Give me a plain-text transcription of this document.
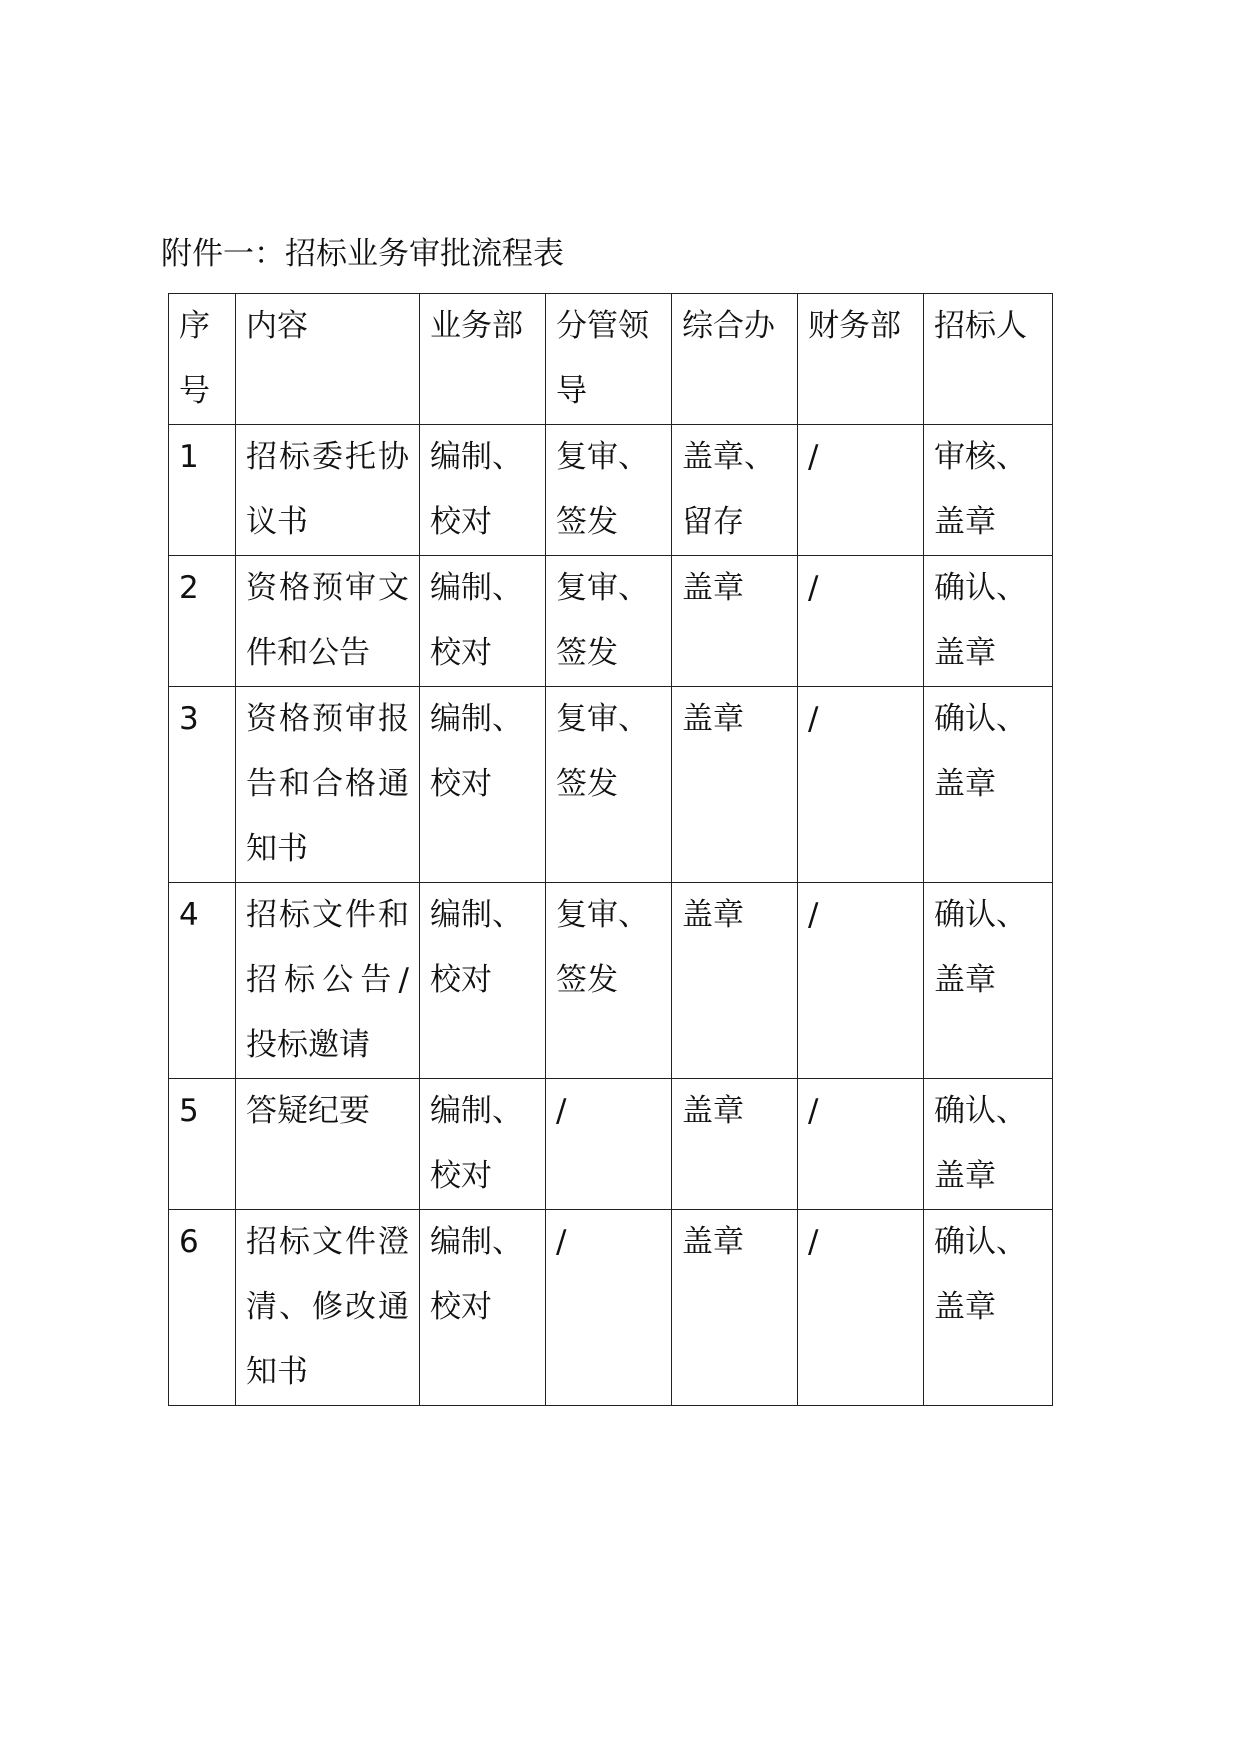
附件一：招标业务审批流程表
序号	内容	业务部	分管领导	综合办	财务部	招标人
1	招标委托协议书	编制、校对	复审、签发	盖章、留存	/	审核、盖章
2	资格预审文件和公告	编制、校对	复审、签发	盖章	/	确认、盖章
3	资格预审报告和合格通知书	编制、校对	复审、签发	盖章	/	确认、盖章
4	招标文件和招标公告/投标邀请	编制、校对	复审、签发	盖章	/	确认、盖章
5	答疑纪要	编制、校对	/	盖章	/	确认、盖章
6	招标文件澄清、修改通知书	编制、校对	/	盖章	/	确认、盖章
